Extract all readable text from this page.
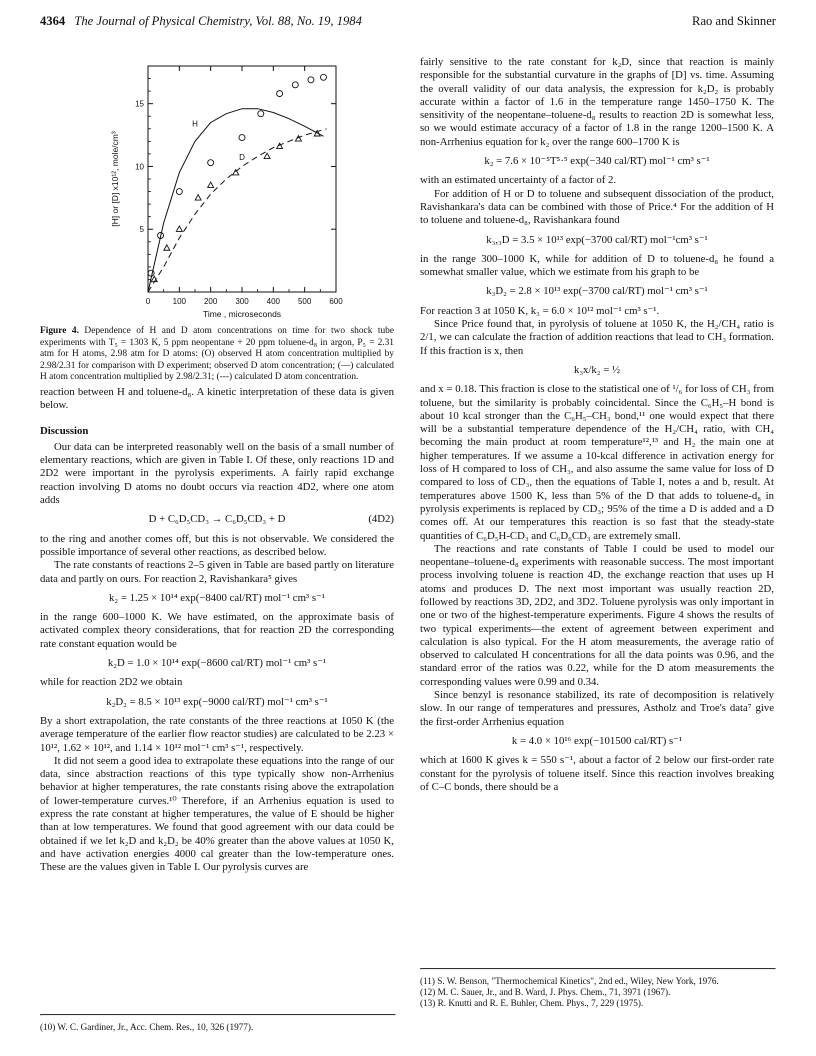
4364 The Journal of Physical Chemistry, Vol. 88, No. 19, 1984	Rao and Skinner
0	100 200 300 400 500 600
5
10
15
Time , microseconds
[H] or [D] x10¹², mole/cm³
H
D
Figure 4. Dependence of H and D atom concentrations on time for two shock tube experiments with T₅ = 1303 K, 5 ppm neopentane + 20 ppm toluene-d₈ in argon, P₅ = 2.31 atm for H atoms, 2.98 atm for D atoms: (O) observed H atom concentration multiplied by 2.98/2.31 for comparison with D experiment; observed D atom concentration; (—) calculated H atom concentration multiplied by 2.98/2.31; (---) calculated D atom concentration.

reaction between H and toluene-d₈. A kinetic interpretation of these data is given below.

Discussion

Our data can be interpreted reasonably well on the basis of a small number of elementary reactions, which are given in Table I. Of these, only reactions 1D and 2D2 were important in the pyrolysis experiments. A fairly rapid exchange reaction involving D atoms no doubt occurs via reaction 4D2, where one atom adds

D + C₆D₅CD₃ → C₆D₅CD₃ + D	(4D2)

to the ring and another comes off, but this is not observable. We considered the possible importance of several other reactions, as described below.

The rate constants of reactions 2–5 given in Table are based partly on literature data and partly on ours. For reaction 2, Ravishankara⁵ gives

k₂ = 1.25 × 10¹⁴ exp(−8400 cal/RT) mol⁻¹ cm³ s⁻¹

in the range 600–1000 K. We have estimated, on the approximate basis of activated complex theory considerations, that for reaction 2D the corresponding rate constant equation would be

k₂D = 1.0 × 10¹⁴ exp(−8600 cal/RT) mol⁻¹ cm³ s⁻¹

while for reaction 2D2 we obtain

k₂D₂ = 8.5 × 10¹³ exp(−9000 cal/RT) mol⁻¹ cm³ s⁻¹

By a short extrapolation, the rate constants of the three reactions at 1050 K (the average temperature of the earlier flow reactor studies) are calculated to be 2.23 × 10¹², 1.62 × 10¹², and 1.14 × 10¹² mol⁻¹ cm³ s⁻¹, respectively.

It did not seem a good idea to extrapolate these equations into the range of our data, since abstraction reactions of this type typically show non-Arrhenius behavior at higher temperatures, the rate constants rising above the extrapolation of lower-temperature curves.¹⁰ Therefore, if an Arrhenius equation is used to express the rate constant at higher temperatures, the value of E should be higher than at low temperatures. We found that good agreement with our data could be obtained if we let k₂D and k₂D₂ be 40% greater than the above values at 1050 K, and have activation energies 4000 cal greater than the low-temperature ones. These are the values given in Table I. Our pyrolysis curves are

(10) W. C. Gardiner, Jr., Acc. Chem. Res., 10, 326 (1977).

fairly sensitive to the rate constant for k₂D, since that reaction is mainly responsible for the substantial curvature in the graphs of [D] vs. time. Assuming the overall validity of our data analysis, the expression for k₂D₂ is probably accurate within a factor of 1.6 in the temperature range 1450–1750 K. The sensitivity of the neopentane–toluene-d₈ results to reaction 2D is somewhat less, so we would estimate accuracy of a factor of 1.8 in the range 1200–1500 K. A non-Arrhenius equation for k₂ over the range 600–1700 K is

k₂ = 7.6 × 10⁻⁵T⁵·⁵ exp(−340 cal/RT) mol⁻¹ cm³ s⁻¹

with an estimated uncertainty of a factor of 2.

For addition of H or D to toluene and subsequent dissociation of the product, Ravishankara's data can be combined with those of Price.⁴ For the addition of H to toluene and toluene-d₈, Ravishankara found

k₃,₃D = 3.5 × 10¹³ exp(−3700 cal/RT) mol⁻¹cm³ s⁻¹

in the range 300–1000 K, while for addition of D to toluene-d₈ he found a somewhat smaller value, which we estimate from his graph to be

k₃D₂ = 2.8 × 10¹³ exp(−3700 cal/RT) mol⁻¹ cm³ s⁻¹

For reaction 3 at 1050 K, k₃ = 6.0 × 10¹² mol⁻¹ cm³ s⁻¹.

Since Price found that, in pyrolysis of toluene at 1050 K, the H₂/CH₄ ratio is 2/1, we can calculate the fraction of addition reactions that lead to CH₃ formation. If this fraction is x, then

k₃x/k₂ = ½

and x = 0.18. This fraction is close to the statistical one of ¹/₆ for loss of CH₃ from toluene, but the similarity is probably coincidental. Since the C₆H₅–H bond is about 10 kcal stronger than the C₆H₅–CH₃ bond,¹¹ one would expect that there will be a substantial temperature dependence of the H₂/CH₄ ratio, with CH₄ becoming the main product at room temperature¹²,¹³ and H₂ the main one at higher temperatures. If we assume a 10-kcal difference in activation energy for loss of H compared to loss of CH₃, and also assume the same value for loss of D compared to loss of CD₃, then the equations of Table I, notes a and b, result. At temperatures above 1500 K, less than 5% of the D that adds to toluene-d₈ in pyrolysis experiments is replaced by CD₃; 95% of the time a D is added and a D comes off. At our temperatures this reaction is so fast that the steady-state quantities of C₆D₅H-CD₃ and C₆D₆CD₃ are extremely small.

The reactions and rate constants of Table I could be used to model our neopentane–toluene-d₈ experiments with reasonable success. The most important process involving toluene is reaction 4D, the exchange reaction that uses up H atoms and produces D. The next most important was usually reaction 2D, followed by reactions 3D, 2D2, and 3D2. Toluene pyrolysis was only important in one or two of the highest-temperature experiments. Figure 4 shows the results of two typical experiments—the extent of agreement between experiment and calculation is also typical. For the H atom measurements, the average ratio of observed to calculated H concentrations for all the data points was 0.96, and the standard error of the ratios was 0.22, while for the D atom measurements the corresponding values were 0.99 and 0.34.

Since benzyl is resonance stabilized, its rate of decomposition is relatively slow. In our range of temperatures and pressures, Astholz and Troe's data⁷ give the first-order Arrhenius equation

k = 4.0 × 10¹⁶ exp(−101500 cal/RT) s⁻¹

which at 1600 K gives k = 550 s⁻¹, about a factor of 2 below our first-order rate constant for the pyrolysis of toluene itself. Since this reaction involves breaking of C–C bonds, there should be a

(11) S. W. Benson, "Thermochemical Kinetics", 2nd ed., Wiley, New York, 1976.
(12) M. C. Sauer, Jr., and B. Ward, J. Phys. Chem., 71, 3971 (1967).
(13) R. Knutti and R. E. Buhler, Chem. Phys., 7, 229 (1975).
